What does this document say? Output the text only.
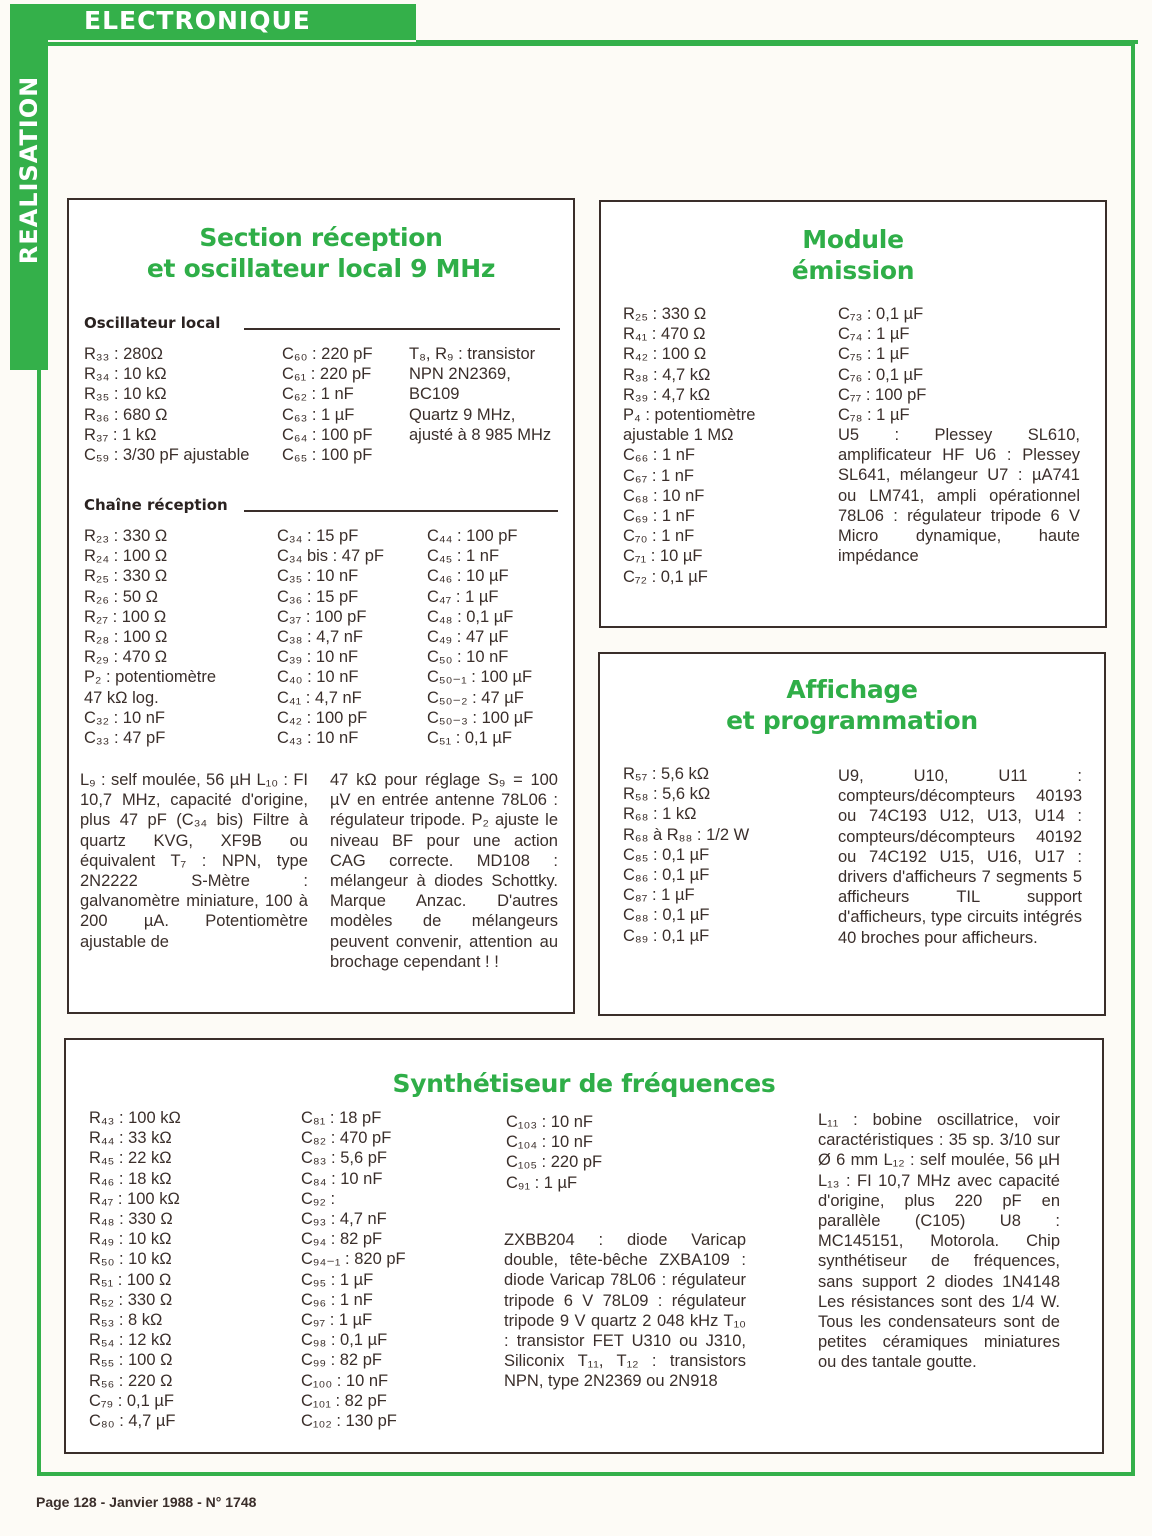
ELECTRONIQUE
REALISATION	Section réception
et oscillateur local 9 MHz
Oscillateur local
R₃₃ : 280Ω
R₃₄ : 10 kΩ
R₃₅ : 10 kΩ
R₃₆ : 680 Ω
R₃₇ : 1 kΩ
C₅₉ : 3/30 pF ajustable
C₆₀ : 220 pF
C₆₁ : 220 pF
C₆₂ : 1 nF
C₆₃ : 1 µF
C₆₄ : 100 pF
C₆₅ : 100 pF
T₈, R₉ : transistor
NPN 2N2369,
BC109
Quartz 9 MHz,
ajusté à 8 985 MHz
Chaîne réception
R₂₃ : 330 Ω
R₂₄ : 100 Ω
R₂₅ : 330 Ω
R₂₆ : 50 Ω
R₂₇ : 100 Ω
R₂₈ : 100 Ω
R₂₉ : 470 Ω
P₂ : potentiomètre
47 kΩ log.
C₃₂ : 10 nF
C₃₃ : 47 pF
C₃₄ : 15 pF
C₃₄ bis : 47 pF
C₃₅ : 10 nF
C₃₆ : 15 pF
C₃₇ : 100 pF
C₃₈ : 4,7 nF
C₃₉ : 10 nF
C₄₀ : 10 nF
C₄₁ : 4,7 nF
C₄₂ : 100 pF
C₄₃ : 10 nF
C₄₄ : 100 pF
C₄₅ : 1 nF
C₄₆ : 10 µF
C₄₇ : 1 µF
C₄₈ : 0,1 µF
C₄₉ : 47 µF
C₅₀ : 10 nF
C₅₀₋₁ : 100 µF
C₅₀₋₂ : 47 µF
C₅₀₋₃ : 100 µF
C₅₁ : 0,1 µF
L₉ : self moulée, 56 µH L₁₀ : FI 10,7 MHz, capacité d'origine, plus 47 pF (C₃₄ bis) Filtre à quartz KVG, XF9B ou équivalent T₇ : NPN, type 2N2222 S-Mètre : galvanomètre miniature, 100 à 200 µA. Potentiomètre ajustable de
47 kΩ pour réglage S₉ = 100 µV en entrée antenne 78L06 : régulateur tripode. P₂ ajuste le niveau BF pour une action CAG correcte. MD108 : mélangeur à diodes Schottky. Marque Anzac. D'autres modèles de mélangeurs peuvent convenir, attention au brochage cependant ! !
Module
émission
R₂₅ : 330 Ω
R₄₁ : 470 Ω
R₄₂ : 100 Ω
R₃₈ : 4,7 kΩ
R₃₉ : 4,7 kΩ
P₄ : potentiomètre
ajustable 1 MΩ
C₆₆ : 1 nF
C₆₇ : 1 nF
C₆₈ : 10 nF
C₆₉ : 1 nF
C₇₀ : 1 nF
C₇₁ : 10 µF
C₇₂ : 0,1 µF
C₇₃ : 0,1 µF
C₇₄ : 1 µF
C₇₅ : 1 µF
C₇₆ : 0,1 µF
C₇₇ : 100 pF
C₇₈ : 1 µF
U5 : Plessey SL610, amplificateur HF U6 : Plessey SL641, mélangeur U7 : µA741 ou LM741, ampli opérationnel 78L06 : régulateur tripode 6 V Micro dynamique, haute impédance
Affichage
et programmation
R₅₇ : 5,6 kΩ
R₅₈ : 5,6 kΩ
R₆₈ : 1 kΩ
R₆₈ à R₈₈ : 1/2 W
C₈₅ : 0,1 µF
C₈₆ : 0,1 µF
C₈₇ : 1 µF
C₈₈ : 0,1 µF
C₈₉ : 0,1 µF
U9, U10, U11 : compteurs/décompteurs 40193 ou 74C193 U12, U13, U14 : compteurs/décompteurs 40192 ou 74C192 U15, U16, U17 : drivers d'afficheurs 7 segments 5 afficheurs TIL support d'afficheurs, type circuits intégrés 40 broches pour afficheurs.
Synthétiseur de fréquences
R₄₃ : 100 kΩ
R₄₄ : 33 kΩ
R₄₅ : 22 kΩ
R₄₆ : 18 kΩ
R₄₇ : 100 kΩ
R₄₈ : 330 Ω
R₄₉ : 10 kΩ
R₅₀ : 10 kΩ
R₅₁ : 100 Ω
R₅₂ : 330 Ω
R₅₃ : 8 kΩ
R₅₄ : 12 kΩ
R₅₅ : 100 Ω
R₅₆ : 220 Ω
C₇₉ : 0,1 µF
C₈₀ : 4,7 µF
C₈₁ : 18 pF
C₈₂ : 470 pF
C₈₃ : 5,6 pF
C₈₄ : 10 nF
C₉₂ :
C₉₃ : 4,7 nF
C₉₄ : 82 pF
C₉₄₋₁ : 820 pF
C₉₅ : 1 µF
C₉₆ : 1 nF
C₉₇ : 1 µF
C₉₈ : 0,1 µF
C₉₉ : 82 pF
C₁₀₀ : 10 nF
C₁₀₁ : 82 pF
C₁₀₂ : 130 pF
C₁₀₃ : 10 nF
C₁₀₄ : 10 nF
C₁₀₅ : 220 pF
C₉₁ : 1 µF
ZXBB204 : diode Varicap double, tête-bêche ZXBA109 : diode Varicap 78L06 : régulateur tripode 6 V 78L09 : régulateur tripode 9 V quartz 2 048 kHz T₁₀ : transistor FET U310 ou J310, Siliconix T₁₁, T₁₂ : transistors NPN, type 2N2369 ou 2N918
L₁₁ : bobine oscillatrice, voir caractéristiques : 35 sp. 3/10 sur Ø 6 mm L₁₂ : self moulée, 56 µH L₁₃ : FI 10,7 MHz avec capacité d'origine, plus 220 pF en parallèle (C105) U8 : MC145151, Motorola. Chip synthétiseur de fréquences, sans support 2 diodes 1N4148 Les résistances sont des 1/4 W. Tous les condensateurs sont de petites céramiques miniatures ou des tantale goutte.
Page 128 - Janvier 1988 - N° 1748
